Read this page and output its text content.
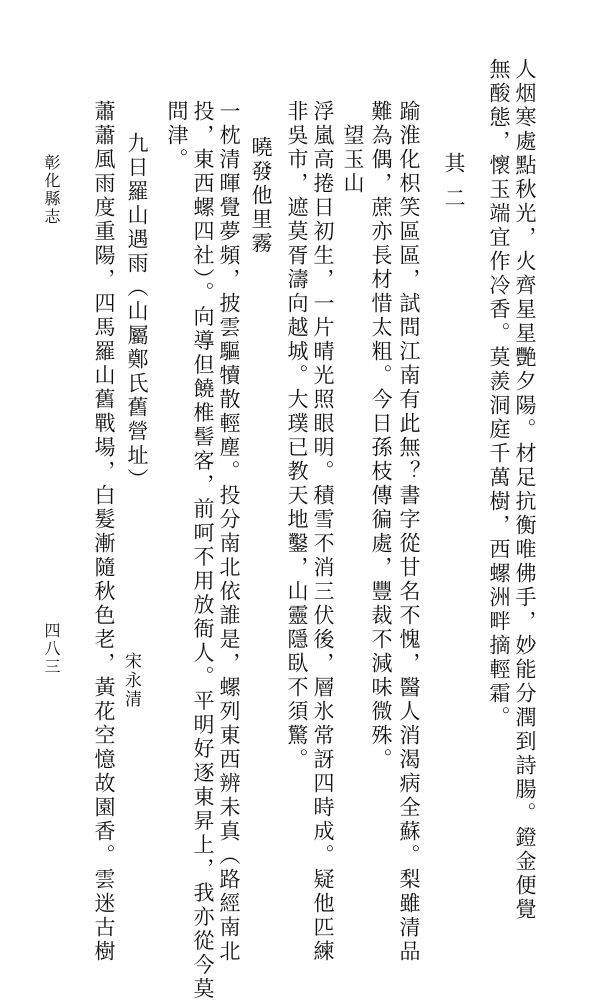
人烟寒處點秋光，火齊星星艷夕陽。材足抗衡唯佛手，妙能分潤到詩腸。鐙金便覺
無酸態，懷玉端宜作冷香。莫羨洞庭千萬樹，西螺洲畔摘輕霜。
其二
踰淮化枳笑區區，試問江南有此無？書字從甘名不愧，醫人消渴病全蘇。梨雖清品
難為偶，蔗亦長材惜太粗。今日孫枝傳徧處，豐裁不減味微殊。
望玉山
浮嵐高捲日初生，一片晴光照眼明。積雪不消三伏後，層氷常訝四時成。疑他匹練
非吳市，遮莫胥濤向越城。大璞已教天地鑿，山靈隱臥不須驚。
曉發他里霧
一枕清暉覺夢頻，披雲驅犢散輕塵。投分南北依誰是，螺列東西辨未真（路經南北
投，東西螺四社）。向導但饒椎髻客，前呵不用放衙人。平明好逐東昇上，我亦從今莫
問津。
九日羅山遇雨（山屬鄭氏舊營址）
宋永清
蕭蕭風雨度重陽，四馬羅山舊戰場，白髮漸隨秋色老，黃花空憶故園香。雲迷古樹
彰化縣志
四八三
